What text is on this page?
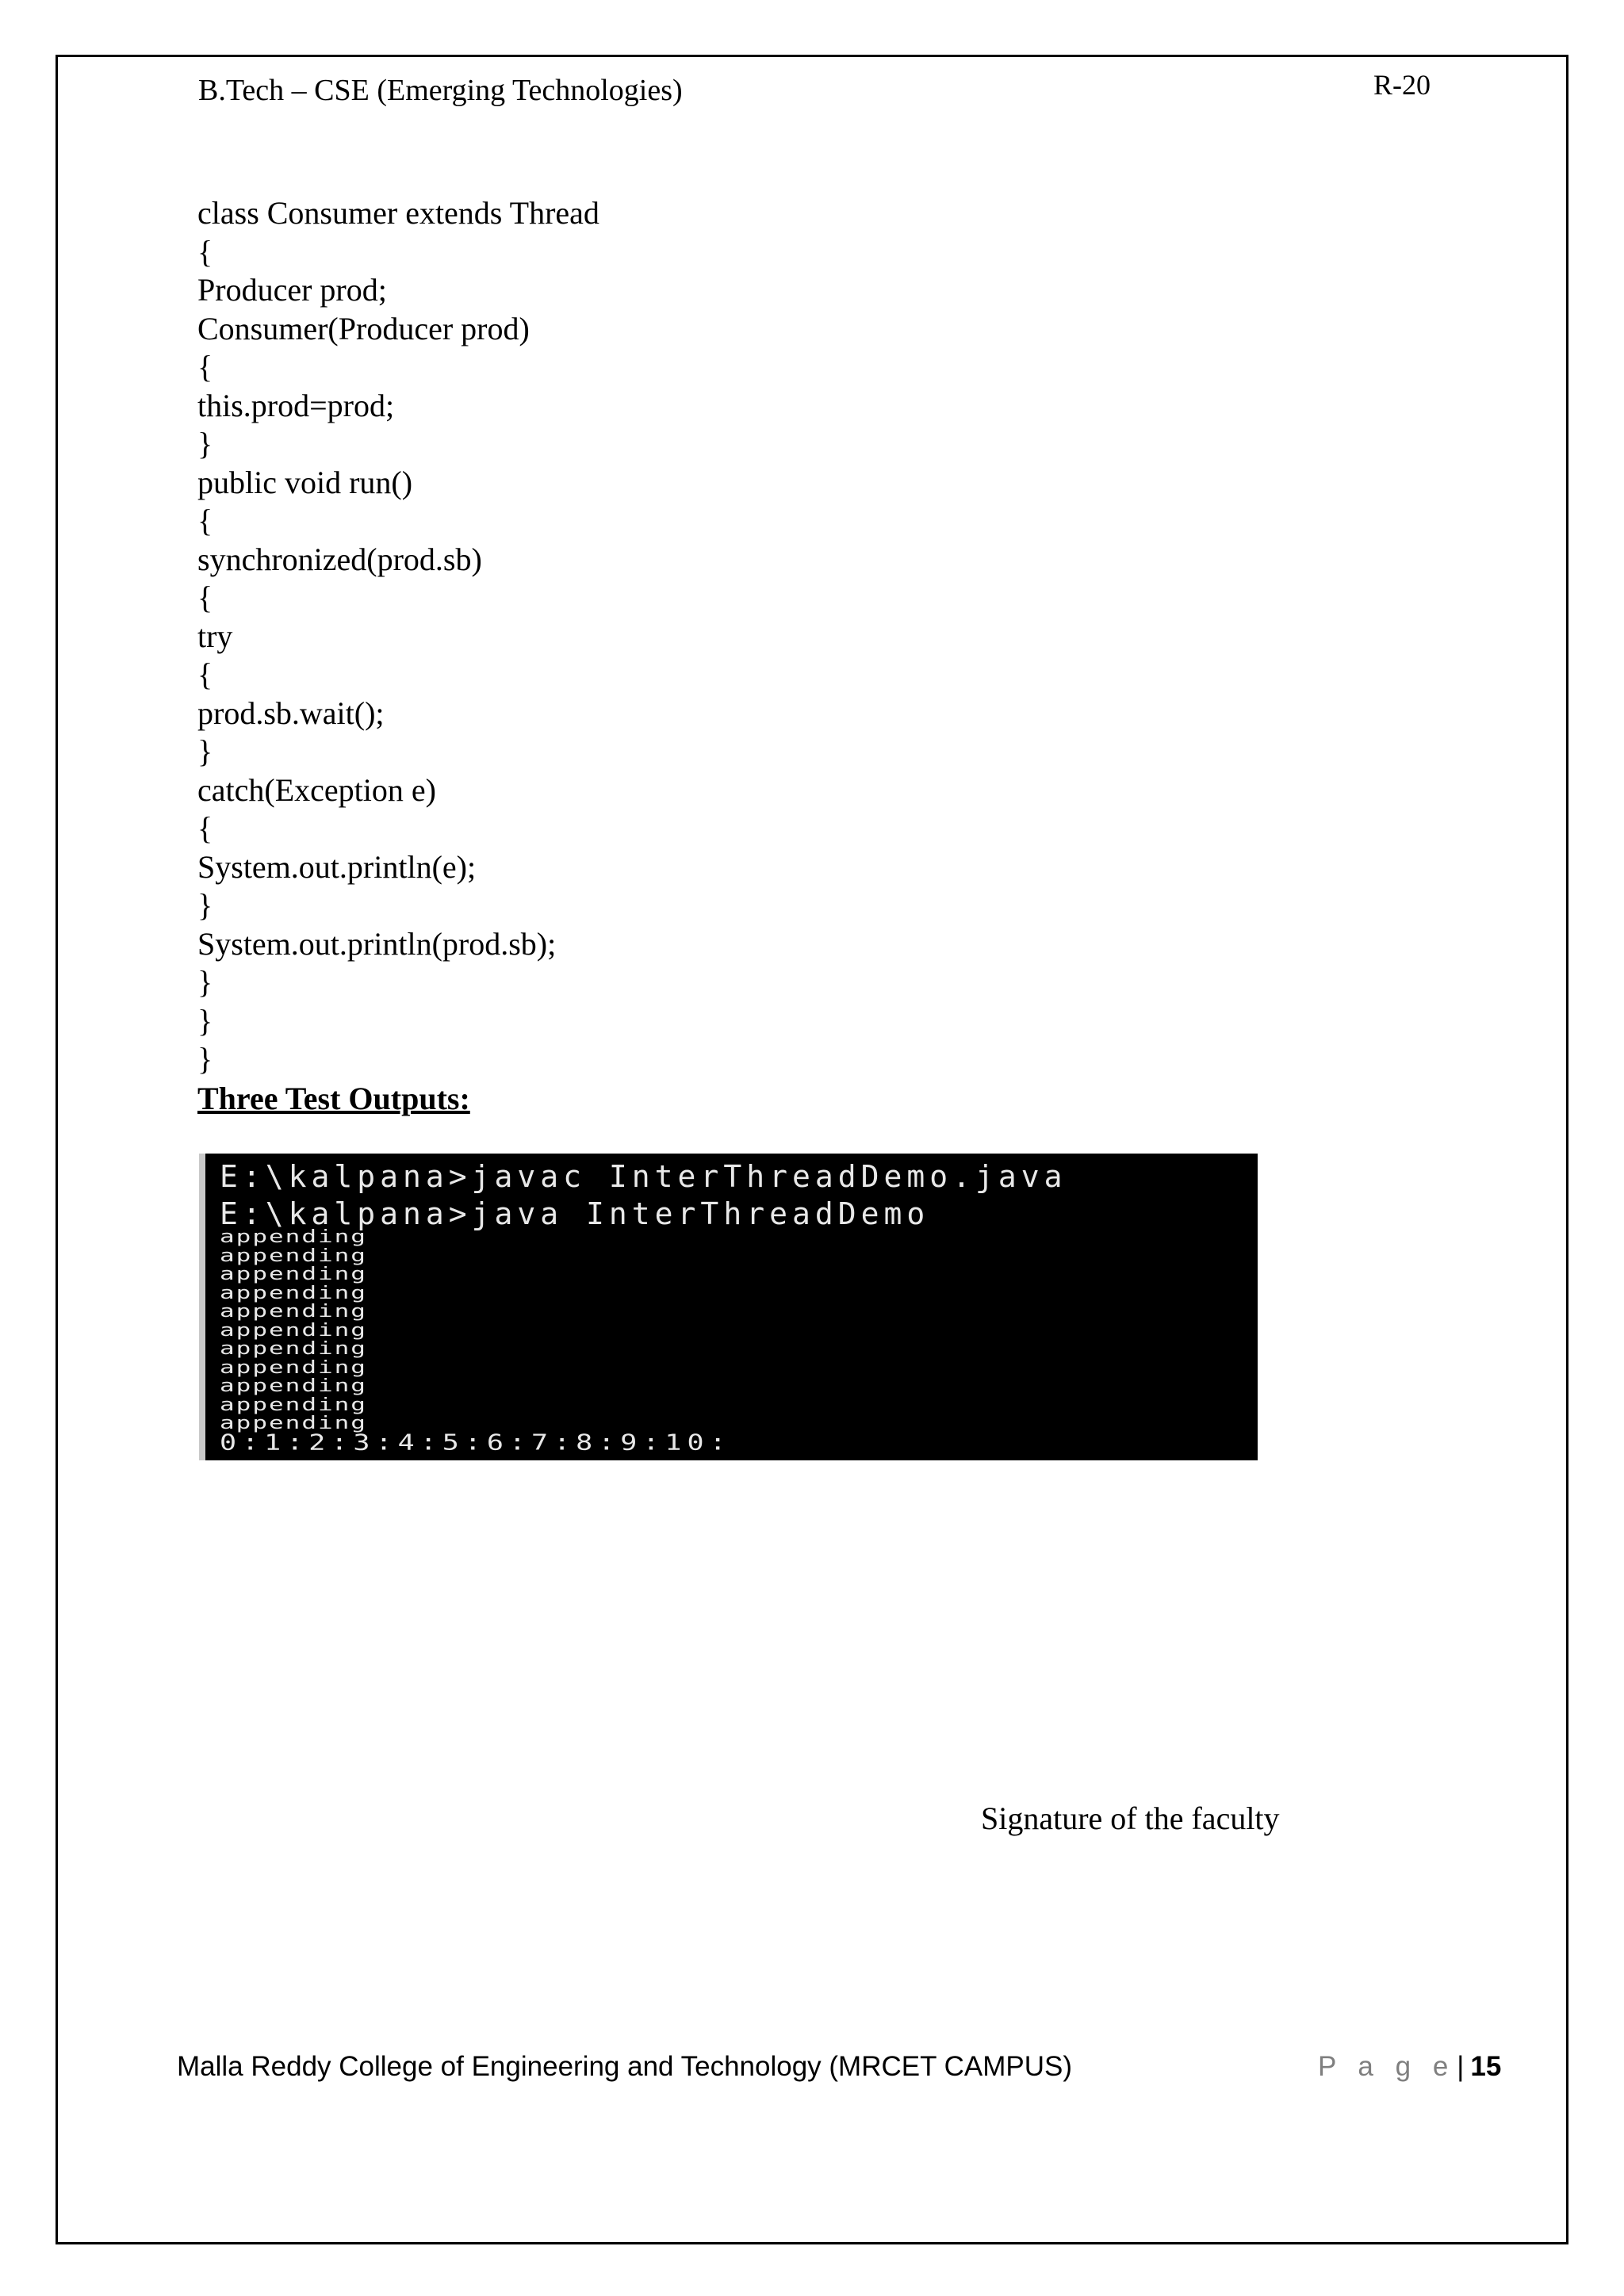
B.Tech – CSE (Emerging Technologies)	R-20
class Consumer extends Thread
{
Producer prod;
Consumer(Producer prod)
{
this.prod=prod;
}
public void run()
{
synchronized(prod.sb)
{
try
{
prod.sb.wait();
}
catch(Exception e)
{
System.out.println(e);
}
System.out.println(prod.sb);
}
}
}
Three Test Outputs:
E:\kalpana>javac InterThreadDemo.java
E:\kalpana>java InterThreadDemo
appending
appending
appending
appending
appending
appending
appending
appending
appending
appending
appending
0:1:2:3:4:5:6:7:8:9:10:
Signature of the faculty
Malla Reddy College of Engineering and Technology (MRCET CAMPUS)	P a g e| 15
